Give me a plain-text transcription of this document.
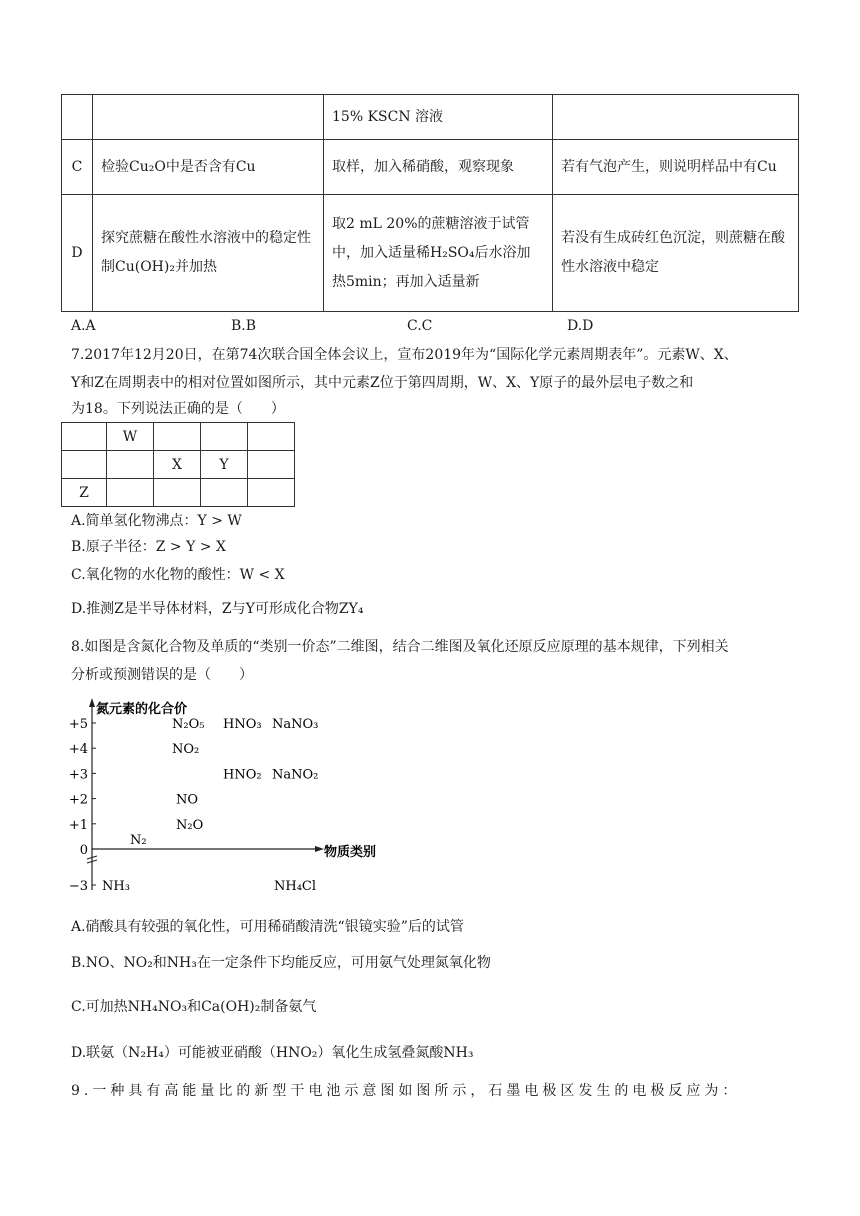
		15% KSCN 溶液	
C	检验Cu₂O中是否含有Cu	取样，加入稀硝酸，观察现象	若有气泡产生，则说明样品中有Cu
D	探究蔗糖在酸性水溶液中的稳定性制Cu(OH)₂并加热	取2 mL 20%的蔗糖溶液于试管中，加入适量稀H₂SO₄后水浴加热5min；再加入适量新	若没有生成砖红色沉淀，则蔗糖在酸性水溶液中稳定
A.A	B.B	C.C	D.D
7.2017年12月20日，在第74次联合国全体会议上，宣布2019年为“国际化学元素周期表年”。元素W、X、
Y和Z在周期表中的相对位置如图所示，其中元素Z位于第四周期，W、X、Y原子的最外层电子数之和
为18。下列说法正确的是（　　）
	W			
		X	Y	
Z				
A.简单氢化物沸点：Y > W
B.原子半径：Z > Y > X
C.氧化物的水化物的酸性：W < X
D.推测Z是半导体材料，Z与Y可形成化合物ZY₄
8.如图是含氮化合物及单质的“类别一价态”二维图，结合二维图及氧化还原反应原理的基本规律，下列相关
分析或预测错误的是（　　）
氮元素的化合价
物质类别
+5
+4
+3
+2
+1
0
−3
N₂O₅ HNO₃ NaNO₃
NO₂
HNO₂ NaNO₂
NO
N₂O
N₂
NH₃	NH₄Cl
A.硝酸具有较强的氧化性，可用稀硝酸清洗“银镜实验”后的试管
B.NO、NO₂和NH₃在一定条件下均能反应，可用氨气处理氮氧化物
C.可加热NH₄NO₃和Ca(OH)₂制备氨气
D.联氨（N₂H₄）可能被亚硝酸（HNO₂）氧化生成氢叠氮酸NH₃
9.一种具有高能量比的新型干电池示意图如图所示，石墨电极区发生的电极反应为：
